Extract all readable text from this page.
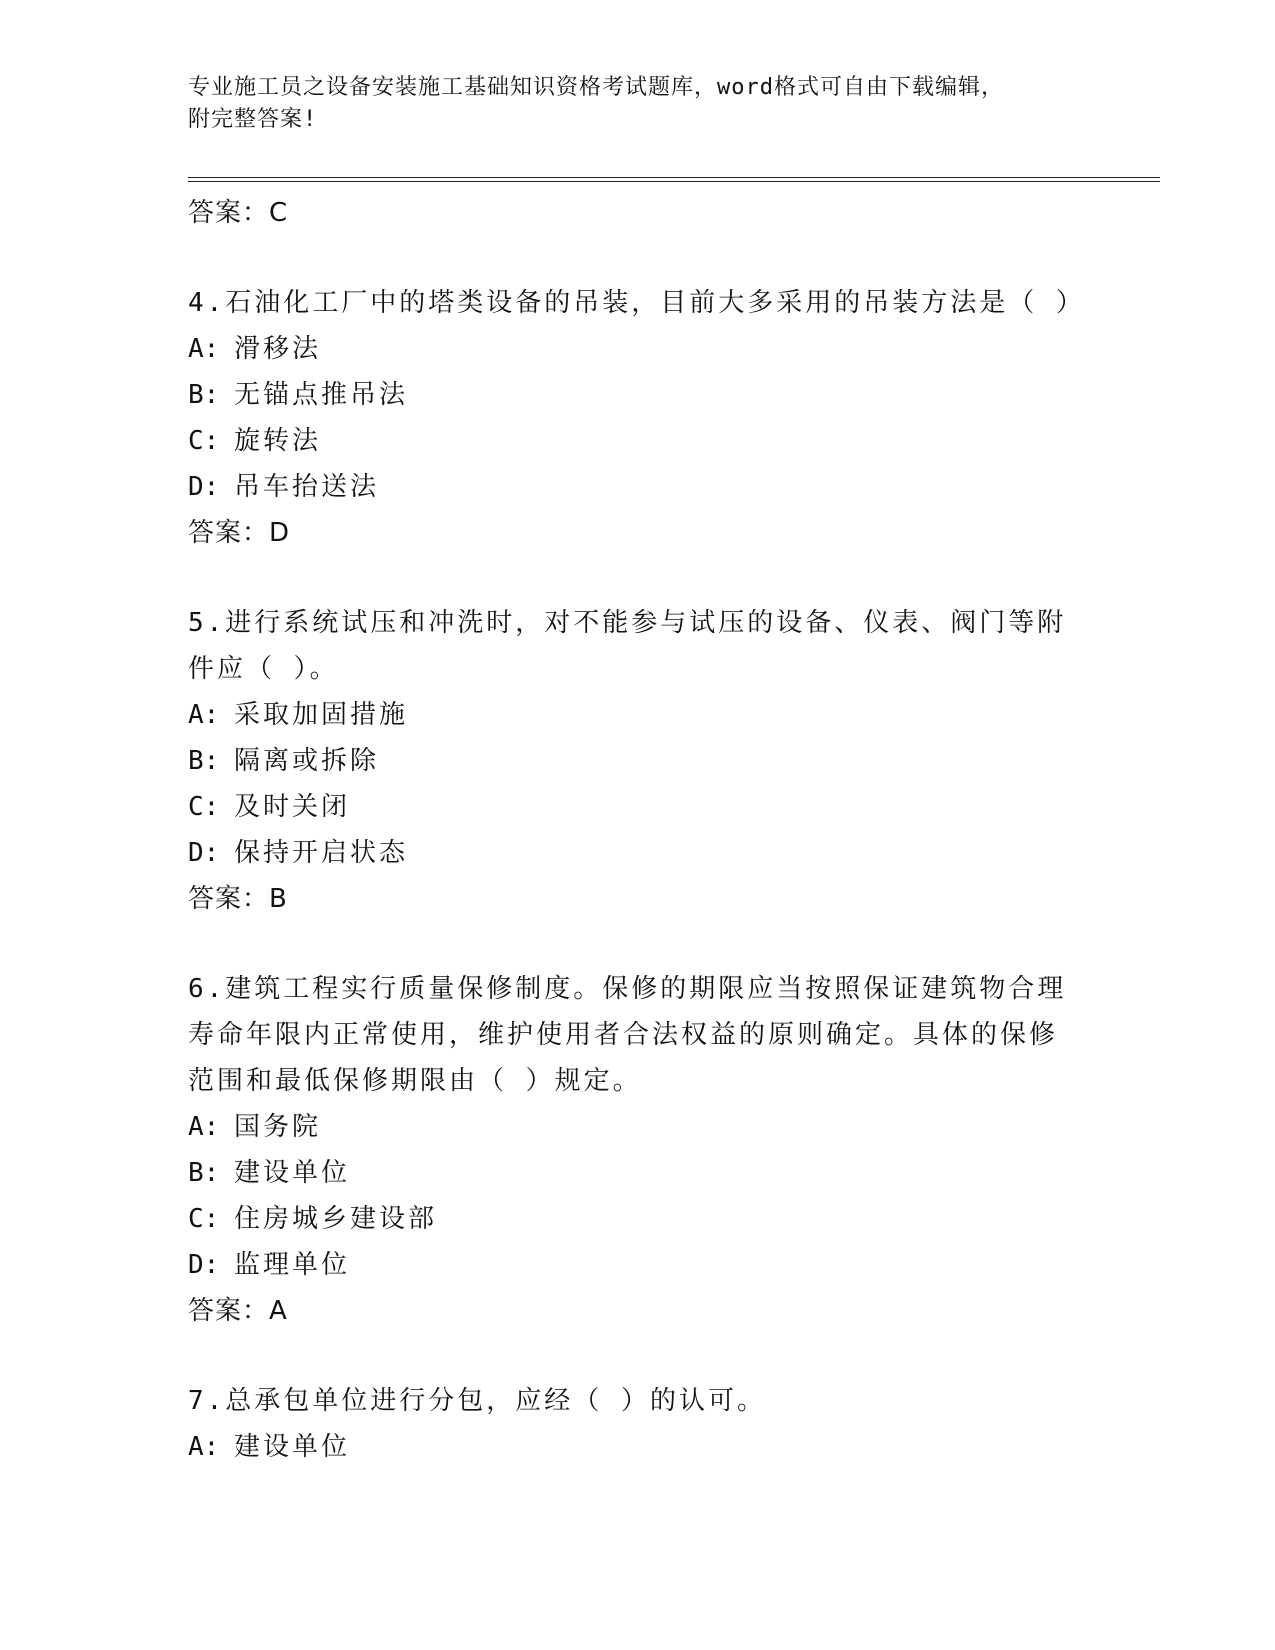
专业施工员之设备安装施工基础知识资格考试题库，word格式可自由下载编辑，
附完整答案!
答案：C
4.石油化工厂中的塔类设备的吊装，目前大多采用的吊装方法是（ ）
A: 滑移法
B: 无锚点推吊法
C: 旋转法
D: 吊车抬送法
答案：D
5.进行系统试压和冲洗时，对不能参与试压的设备、仪表、阀门等附
件应（ ）。
A: 采取加固措施
B: 隔离或拆除
C: 及时关闭
D: 保持开启状态
答案：B
6.建筑工程实行质量保修制度。保修的期限应当按照保证建筑物合理
寿命年限内正常使用，维护使用者合法权益的原则确定。具体的保修
范围和最低保修期限由（ ）规定。
A: 国务院
B: 建设单位
C: 住房城乡建设部
D: 监理单位
答案：A
7.总承包单位进行分包，应经（ ）的认可。
A: 建设单位
